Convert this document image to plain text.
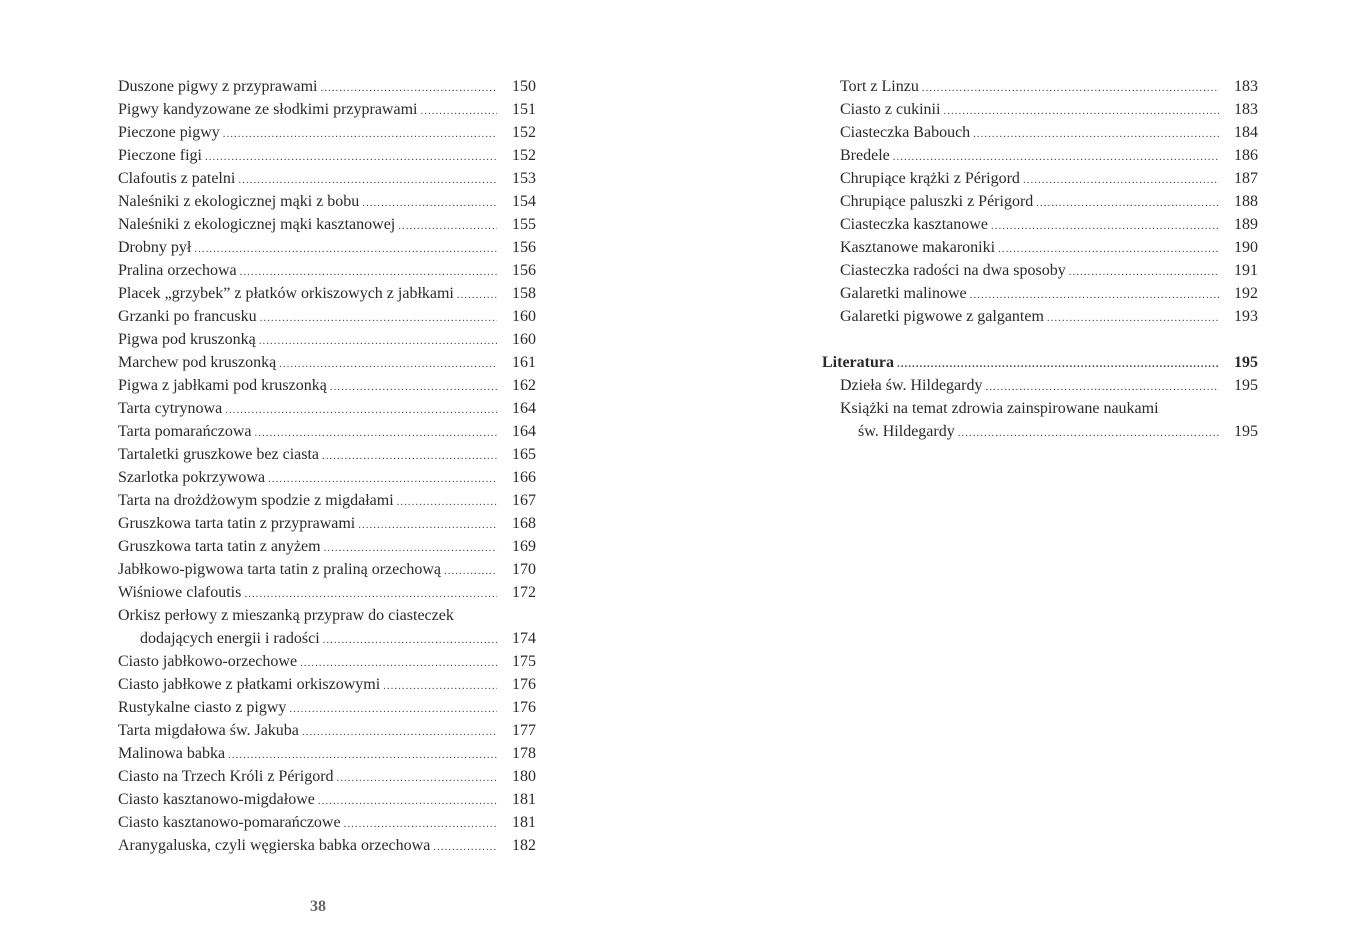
Duszone pigwy z przyprawami .....	150
Pigwy kandyzowane ze słodkimi przyprawami .....	151
Pieczone pigwy .....	152
Pieczone figi .....	152
Clafoutis z patelni .....	153
Naleśniki z ekologicznej mąki z bobu .....	154
Naleśniki z ekologicznej mąki kasztanowej .....	155
Drobny pył .....	156
Pralina orzechowa .....	156
Placek „grzybek” z płatków orkiszowych z jabłkami .....	158
Grzanki po francusku .....	160
Pigwa pod kruszonką .....	160
Marchew pod kruszonką .....	161
Pigwa z jabłkami pod kruszonką .....	162
Tarta cytrynowa .....	164
Tarta pomarańczowa .....	164
Tartaletki gruszkowe bez ciasta .....	165
Szarlotka pokrzywowa .....	166
Tarta na drożdżowym spodzie z migdałami .....	167
Gruszkowa tarta tatin z przyprawami .....	168
Gruszkowa tarta tatin z anyżem .....	169
Jabłkowo-pigwowa tarta tatin z praliną orzechową .....	170
Wiśniowe clafoutis .....	172
Orkisz perłowy z mieszanką przypraw do ciasteczek
dodających energii i radości .....	174
Ciasto jabłkowo-orzechowe .....	175
Ciasto jabłkowe z płatkami orkiszowymi .....	176
Rustykalne ciasto z pigwy .....	176
Tarta migdałowa św. Jakuba .....	177
Malinowa babka .....	178
Ciasto na Trzech Króli z Périgord .....	180
Ciasto kasztanowo-migdałowe .....	181
Ciasto kasztanowo-pomarańczowe .....	181
Aranygaluska, czyli węgierska babka orzechowa .....	182
Tort z Linzu .....	183
Ciasto z cukinii .....	183
Ciasteczka Babouch .....	184
Bredele .....	186
Chrupiące krążki z Périgord .....	187
Chrupiące paluszki z Périgord .....	188
Ciasteczka kasztanowe .....	189
Kasztanowe makaroniki .....	190
Ciasteczka radości na dwa sposoby .....	191
Galaretki malinowe .....	192
Galaretki pigwowe z galgantem .....	193
Literatura .....	195
Dzieła św. Hildegardy .....	195
Książki na temat zdrowia zainspirowane naukami
św. Hildegardy .....	195
38
